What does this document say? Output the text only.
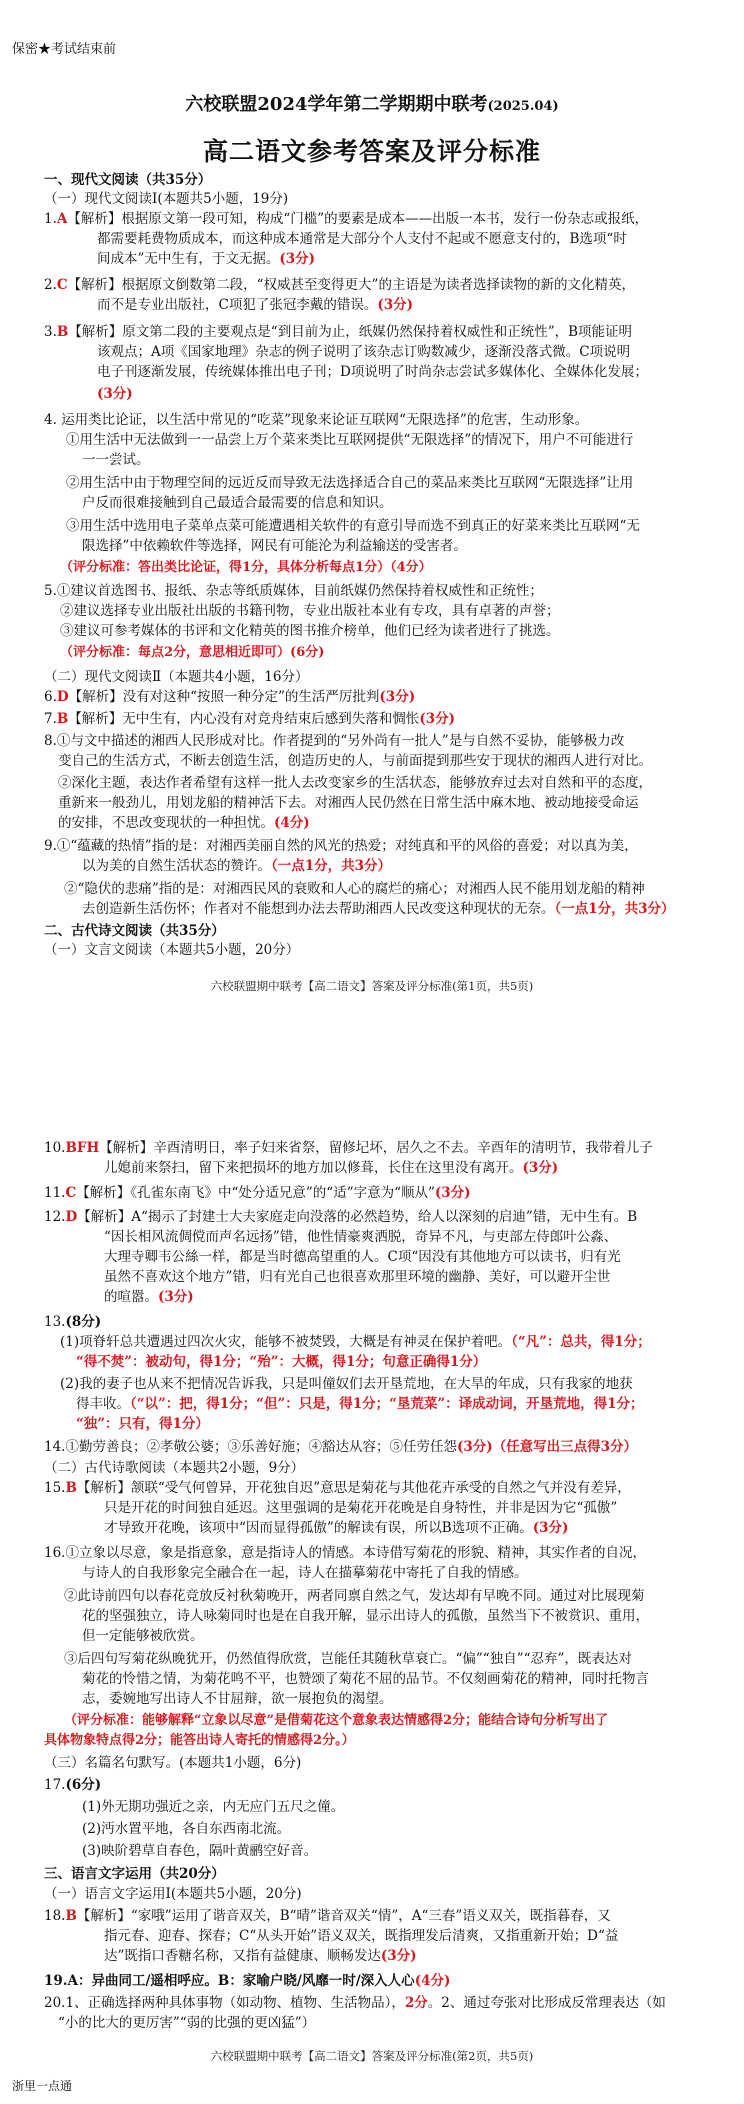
保密★考试结束前
六校联盟2024学年第二学期期中联考(2025.04)
高二语文参考答案及评分标准
一、现代文阅读（共35分）
（一）现代文阅读Ⅰ(本题共5小题，19分)
1.A【解析】根据原文第一段可知，构成“门槛”的要素是成本——出版一本书，发行一份杂志或报纸，
都需要耗费物质成本，而这种成本通常是大部分个人支付不起或不愿意支付的，B选项“时
间成本”无中生有，于文无据。(3分)
2.C【解析】根据原文倒数第二段，“权威甚至变得更大”的主语是为读者选择读物的新的文化精英，
而不是专业出版社，C项犯了张冠李戴的错误。(3分)
3.B【解析】原文第二段的主要观点是“到目前为止，纸媒仍然保持着权威性和正统性”，B项能证明
该观点；A项《国家地理》杂志的例子说明了该杂志订购数减少，逐渐没落式微。C项说明
电子刊逐渐发展，传统媒体推出电子刊；D项说明了时尚杂志尝试多媒体化、全媒体化发展；
(3分)
4. 运用类比论证，以生活中常见的“吃菜”现象来论证互联网“无限选择”的危害，生动形象。
①用生活中无法做到一一品尝上万个菜来类比互联网提供“无限选择”的情况下，用户不可能进行
一一尝试。
②用生活中由于物理空间的远近反而导致无法选择适合自己的菜品来类比互联网“无限选择”让用
户反而很难接触到自己最适合最需要的信息和知识。
③用生活中选用电子菜单点菜可能遭遇相关软件的有意引导而选不到真正的好菜来类比互联网“无
限选择”中依赖软件等选择，网民有可能沦为利益输送的受害者。
（评分标准：答出类比论证，得1分，具体分析每点1分）（4分）
5.①建议首选图书、报纸、杂志等纸质媒体，目前纸媒仍然保持着权威性和正统性；
②建议选择专业出版社出版的书籍刊物，专业出版社本业有专攻，具有卓著的声誉；
③建议可参考媒体的书评和文化精英的图书推介榜单，他们已经为读者进行了挑选。
（评分标准：每点2分，意思相近即可）(6分)
（二）现代文阅读Ⅱ（本题共4小题，16分）
6.D【解析】没有对这种“按照一种分定”的生活严厉批判(3分)
7.B【解析】无中生有，内心没有对竞舟结束后感到失落和惆怅(3分)
8.①与文中描述的湘西人民形成对比。作者提到的“另外尚有一批人”是与自然不妥协，能够极力改
变自己的生活方式，不断去创造生活，创造历史的人，与前面提到那些安于现状的湘西人进行对比。
②深化主题，表达作者希望有这样一批人去改变家乡的生活状态，能够放弃过去对自然和平的态度，
重新来一般劲儿，用划龙船的精神活下去。对湘西人民仍然在日常生活中麻木地、被动地接受命运
的安排，不思改变现状的一种担忧。(4分)
9.①“蕴藏的热情”指的是：对湘西美丽自然的风光的热爱；对纯真和平的风俗的喜爱；对以真为美，
以为美的自然生活状态的赞许。（一点1分，共3分）
②“隐伏的悲痛”指的是：对湘西民风的衰败和人心的腐烂的痛心；对湘西人民不能用划龙船的精神
去创造新生活伤怀；作者对不能想到办法去帮助湘西人民改变这种现状的无奈。（一点1分，共3分）
二、古代诗文阅读（共35分）
（一）文言文阅读（本题共5小题，20分）
六校联盟期中联考【高二语文】答案及评分标准(第1页，共5页)
10.BFH【解析】辛酉清明日，率子妇来省祭，留修圮坏，居久之不去。辛酉年的清明节，我带着儿子
儿媳前来祭扫，留下来把损坏的地方加以修葺，长住在这里没有离开。(3分)
11.C【解析】《孔雀东南飞》中“处分适兄意”的“适”字意为“顺从”(3分)
12.D【解析】A“揭示了封建士大夫家庭走向没落的必然趋势，给人以深刻的启迪”错，无中生有。B
“因长相风流倜傥而声名远扬”错，他性情豪爽洒脱，奇异不凡，与吏部左侍郎叶公淼、
大理寺卿韦公絲一样，都是当时德高望重的人。C项“因没有其他地方可以读书，归有光
虽然不喜欢这个地方”错，归有光自己也很喜欢那里环境的幽静、美好，可以避开尘世
的喧嚣。(3分)
13.(8分)
(1)项脊轩总共遭遇过四次火灾，能够不被焚毁，大概是有神灵在保护着吧。（“凡”：总共，得1分；
“得不焚”：被动句，得1分；“殆”：大概，得1分；句意正确得1分）
(2)我的妻子也从来不把情况告诉我，只是叫僮奴们去开垦荒地，在大旱的年成，只有我家的地获
得丰收。（“以”：把，得1分；“但”：只是，得1分；“垦荒菜”：译成动词，开垦荒地，得1分；
“独”：只有，得1分）
14.①勤劳善良；②孝敬公婆；③乐善好施；④豁达从容；⑤任劳任怨(3分)（任意写出三点得3分）
（二）古代诗歌阅读（本题共2小题，9分）
15.B【解析】颔联“受气何曾异，开花独自迟”意思是菊花与其他花卉承受的自然之气并没有差异，
只是开花的时间独自延迟。这里强调的是菊花开花晚是自身特性，并非是因为它“孤傲”
才导致开花晚，该项中“因而显得孤傲”的解读有误，所以B选项不正确。(3分)
16.①立象以尽意，象是指意象，意是指诗人的情感。本诗借写菊花的形貌、精神，其实作者的自况，
与诗人的自我形象完全融合在一起，诗人在描摹菊花中寄托了自我的情感。
②此诗前四句以春花竞放反衬秋菊晚开，两者同禀自然之气，发达却有早晚不同。通过对比展现菊
花的坚强独立，诗人咏菊同时也是在自我开解，显示出诗人的孤傲，虽然当下不被赏识、重用，
但一定能够被欣赏。
③后四句写菊花纵晚犹开，仍然值得欣赏，岂能任其随秋草衰亡。“偏”“独自”“忍弃”，既表达对
菊花的怜惜之情，为菊花鸣不平，也赞颂了菊花不屈的品节。不仅刻画菊花的精神，同时托物言
志，委婉地写出诗人不甘屈辩，欲一展抱负的渴望。
（评分标准：能够解释“立象以尽意”是借菊花这个意象表达情感得2分；能结合诗句分析写出了
具体物象特点得2分；能答出诗人寄托的情感得2分。）
（三）名篇名句默写。(本题共1小题，6分)
17.(6分)
(1)外无期功强近之亲，内无应门五尺之僮。
(2)沔水置平地，各自东西南北流。
(3)映阶碧草自春色，隔叶黄鹂空好音。
三、语言文字运用（共20分）
（一）语言文字运用Ⅰ(本题共5小题，20分)
18.B【解析】“家哦”运用了谐音双关，B“晴”谐音双关“情”，A“三春”语义双关，既指暮春，又
指元春、迎春、探春；C“从头开始”语义双关，既指理发后清爽，又指重新开始；D“益
达”既指口香糖名称，又指有益健康、顺畅发达(3分)
19.A：异曲同工/遥相呼应。B：家喻户晓/风靡一时/深入人心(4分)
20.1、正确选择两种具体事物（如动物、植物、生活物品），2分。2、通过夸张对比形成反常理表达（如
“小的比大的更厉害”“弱的比强的更凶猛”）
六校联盟期中联考【高二语文】答案及评分标准(第2页，共5页)
浙里一点通
